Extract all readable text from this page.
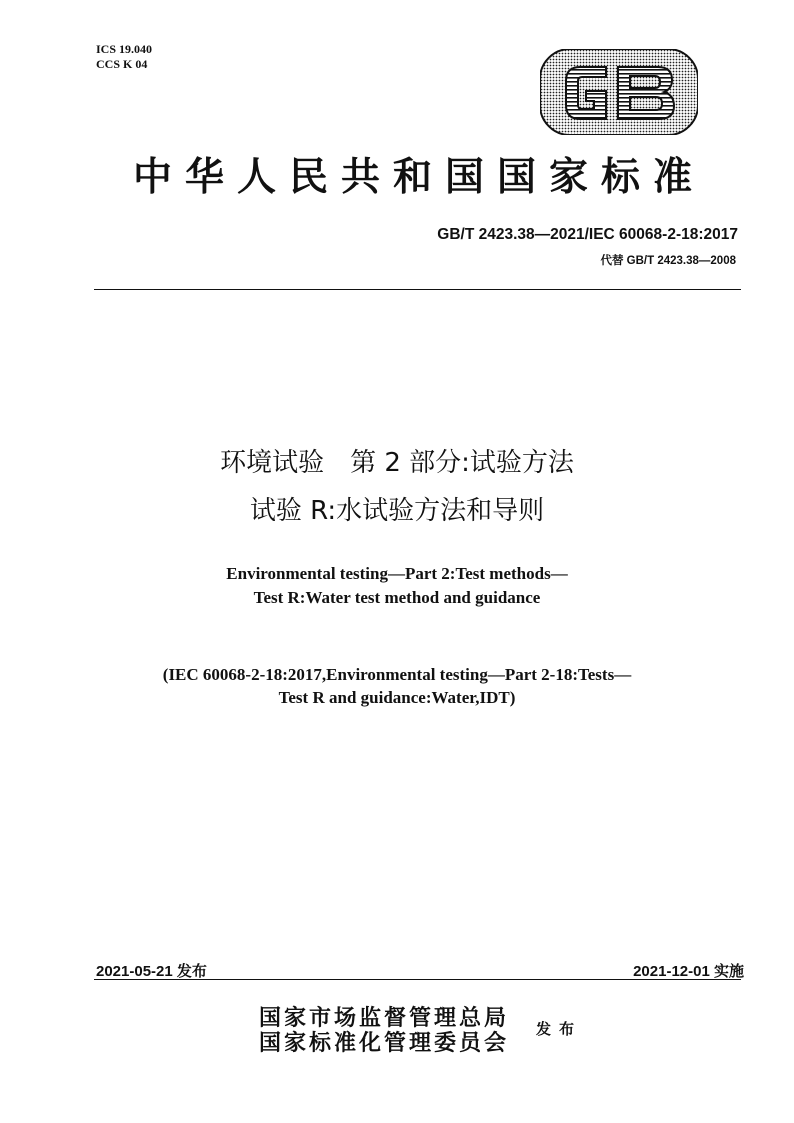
ICS 19.040
CCS K 04
中华人民共和国国家标准
GB/T 2423.38—2021/IEC 60068-2-18:2017
代替 GB/T 2423.38—2008
环境试验　第 2 部分:试验方法
试验 R:水试验方法和导则
Environmental testing—Part 2:Test methods—
Test R:Water test method and guidance
(IEC 60068-2-18:2017,Environmental testing—Part 2-18:Tests—
Test R and guidance:Water,IDT)
2021-05-21 发布	2021-12-01 实施
国家市场监督管理总局
国家标准化管理委员会
发布
